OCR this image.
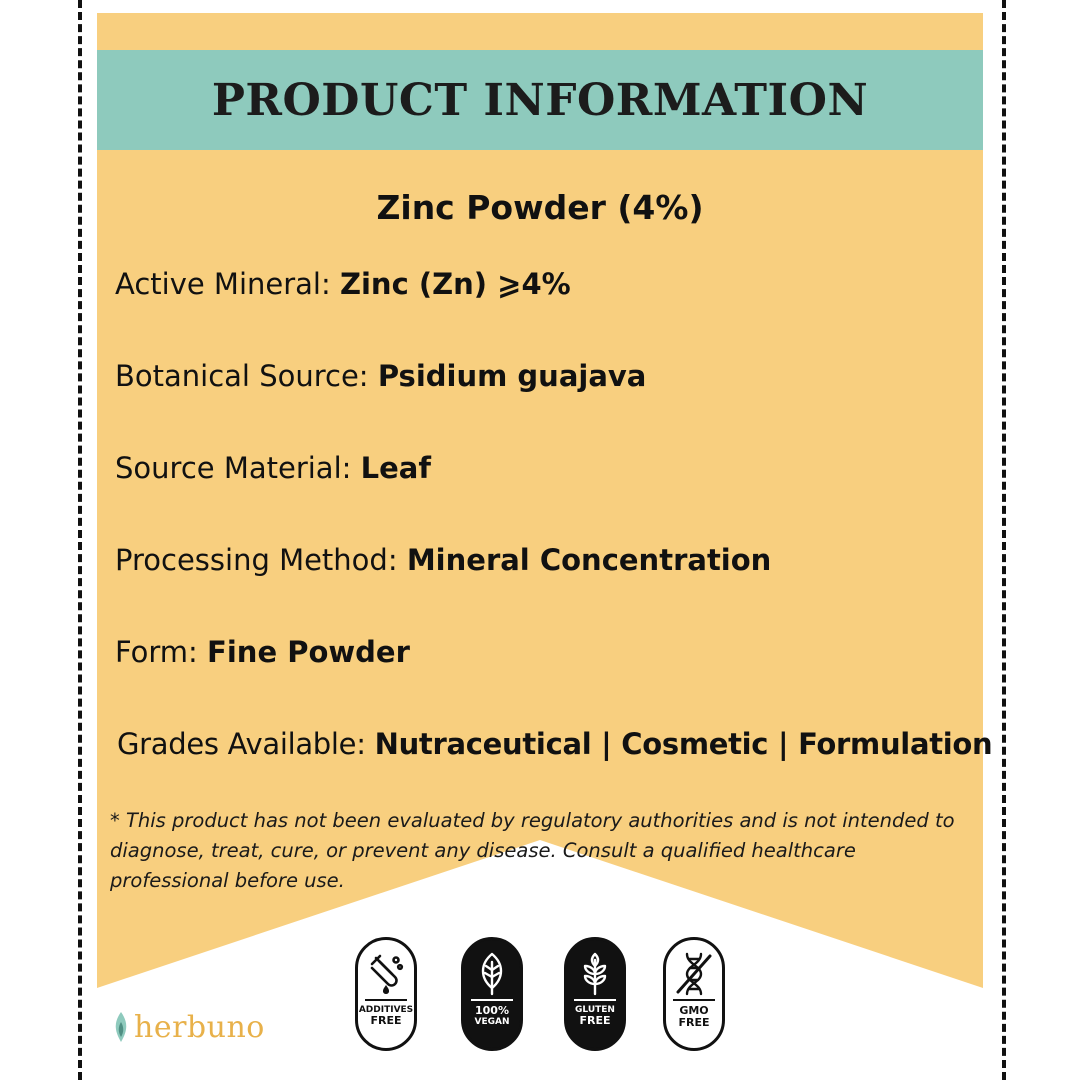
PRODUCT INFORMATION
Zinc Powder (4%)
Active Mineral: Zinc (Zn) ⩾4%
Botanical Source: Psidium guajava
Source Material: Leaf
Processing Method: Mineral Concentration
Form: Fine Powder
Grades Available: Nutraceutical | Cosmetic | Formulation
* This product has not been evaluated by regulatory authorities and is not intended to diagnose, treat, cure, or prevent any disease. Consult a qualified healthcare professional before use.
herbuno	ADDITIVES
FREE
100%
VEGAN
GLUTEN
FREE
GMO
FREE
